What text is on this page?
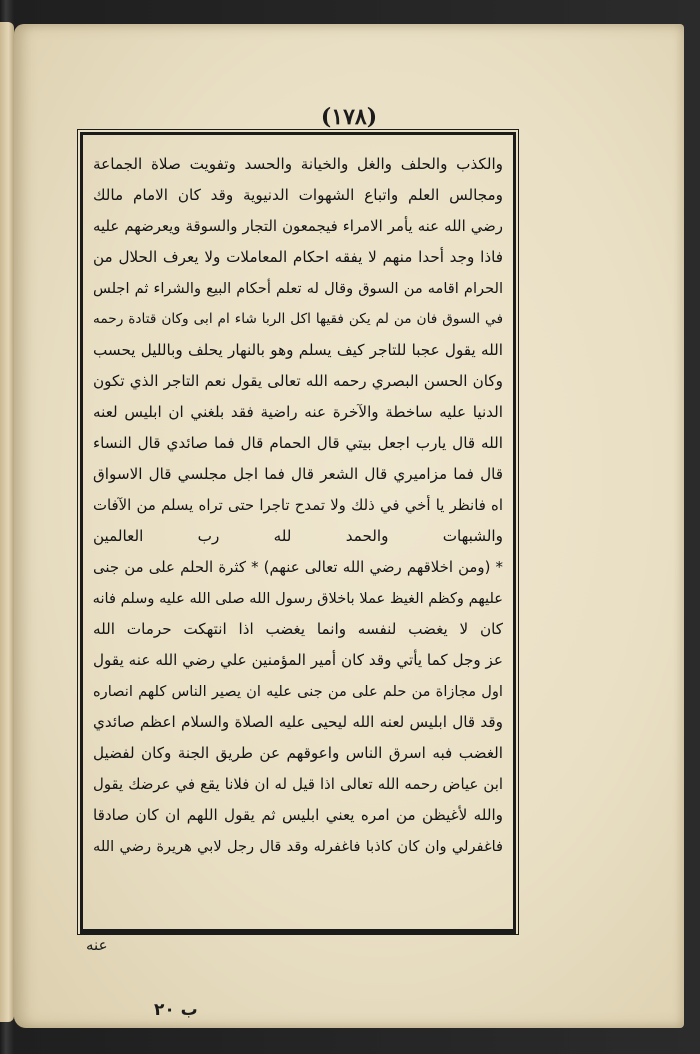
(١٧٨)
والكذب والحلف والغل والخيانة والحسد وتفويت صلاة الجماعة
ومجالس العلم واتباع الشهوات الدنيوية وقد كان الامام مالك
رضي الله عنه يأمر الامراء فيجمعون التجار والسوقة ويعرضهم عليه
فاذا وجد أحدا منهم لا يفقه احكام المعاملات ولا يعرف الحلال من
الحرام اقامه من السوق وقال له تعلم أحكام البيع والشراء ثم اجلس
في السوق فان من لم يكن فقيها اكل الربا شاء ام ابى وكان قتادة رحمه
الله يقول عجبا للتاجر كيف يسلم وهو بالنهار يحلف وبالليل يحسب
وكان الحسن البصري رحمه الله تعالى يقول نعم التاجر الذي تكون
الدنيا عليه ساخطة والآخرة عنه راضية فقد بلغني ان ابليس لعنه
الله قال يارب اجعل بيتي قال الحمام قال فما صائدي قال النساء
قال فما مزاميري قال الشعر قال فما اجل مجلسي قال الاسواق
اه فانظر يا أخي في ذلك ولا تمدح تاجرا حتى تراه يسلم من الآفات
والشبهات والحمد لله رب العالمين
* (ومن اخلاقهم رضي الله تعالى عنهم) * كثرة الحلم على من جنى
عليهم وكظم الغيظ عملا باخلاق رسول الله صلى الله عليه وسلم فانه
كان لا يغضب لنفسه وانما يغضب اذا انتهكت حرمات الله
عز وجل كما يأتي وقد كان أمير المؤمنين علي رضي الله عنه يقول
اول مجازاة من حلم على من جنى عليه ان يصير الناس كلهم انصاره
وقد قال ابليس لعنه الله ليحيى عليه الصلاة والسلام اعظم صائدي
الغضب فبه اسرق الناس واعوقهم عن طريق الجنة وكان لفضيل
ابن عياض رحمه الله تعالى اذا قيل له ان فلانا يقع في عرضك يقول
والله لأغيظن من امره يعني ابليس ثم يقول اللهم ان كان صادقا
فاغفرلي وان كان كاذبا فاغفرله وقد قال رجل لابي هريرة رضي الله
عنه
ب ٢٠
